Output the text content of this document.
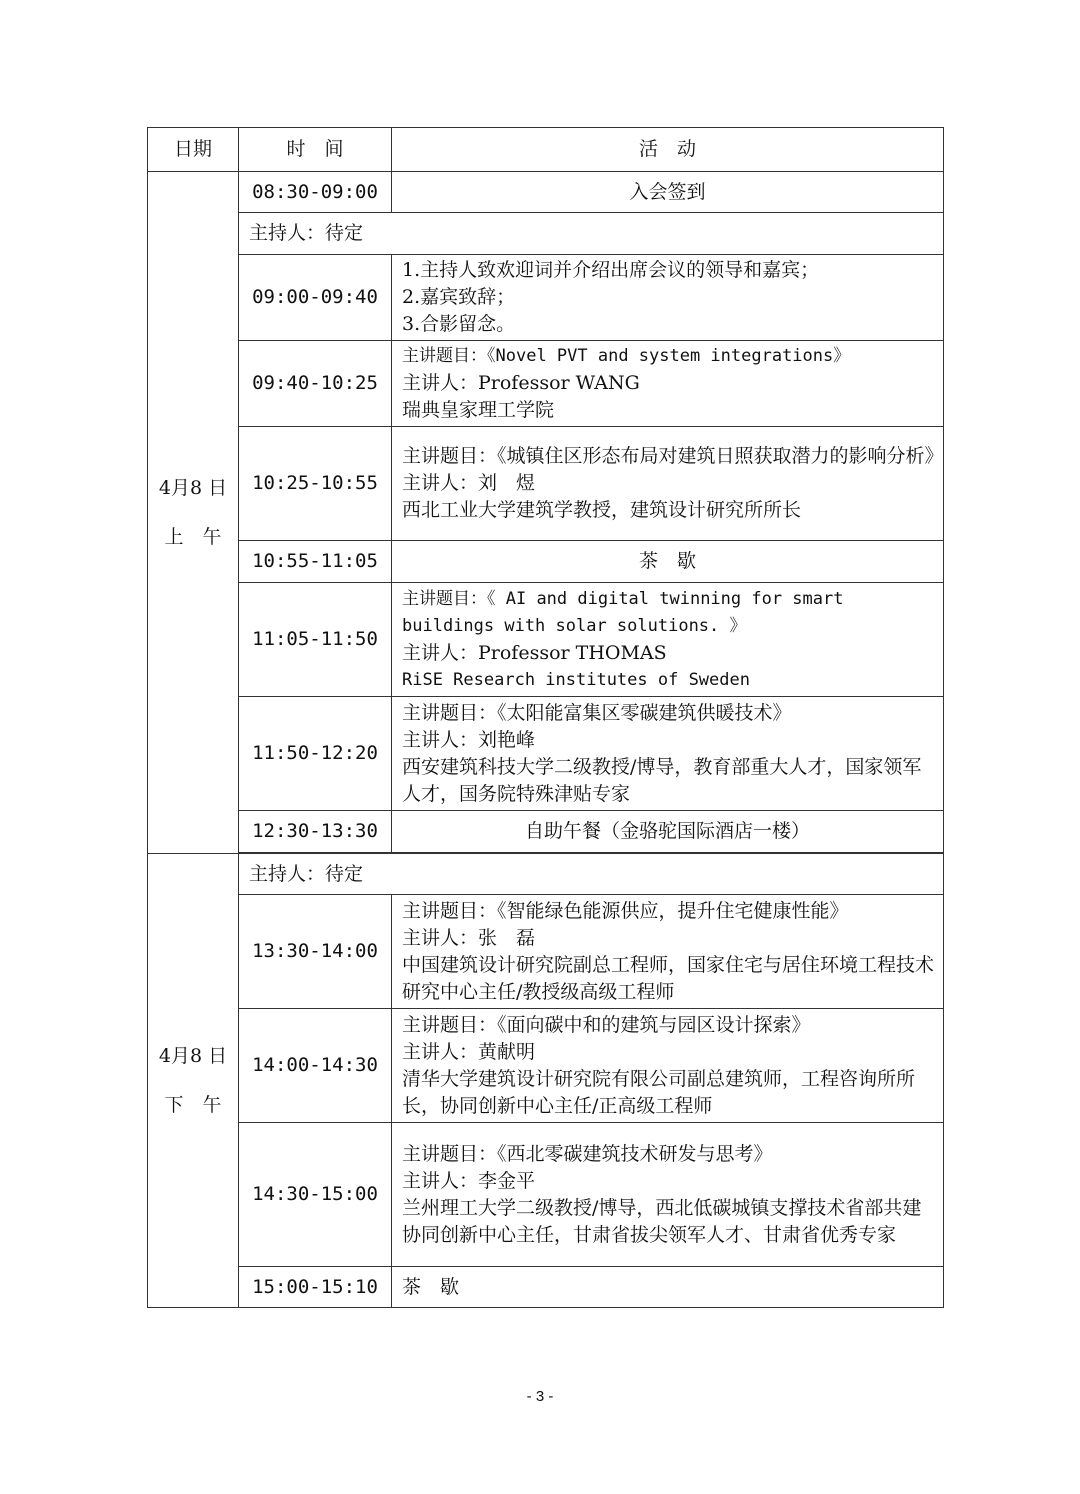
日期	时　间	活　动

4月8 日
上　午	08:30-09:00	入会签到
	主持人：待定	
	09:00-09:40	1.主持人致欢迎词并介绍出席会议的领导和嘉宾；
2.嘉宾致辞；
3.合影留念。

	09:40-10:25	主讲题目：《Novel PVT and system integrations》
主讲人：Professor WANG
瑞典皇家理工学院

	10:25-10:55	主讲题目：《城镇住区形态布局对建筑日照获取潜力的影响分析》
主讲人：刘　煜
西北工业大学建筑学教授，建筑设计研究所所长

	10:55-11:05	茶　歇
	11:05-11:50	主讲题目：《 AI and digital twinning for smart buildings with solar solutions. 》
主讲人：Professor THOMAS
RiSE Research institutes of Sweden

	11:50-12:20	主讲题目：《太阳能富集区零碳建筑供暖技术》
主讲人：刘艳峰
西安建筑科技大学二级教授/博导，教育部重大人才，国家领军人才，国务院特殊津贴专家

	12:30-13:30	自助午餐（金骆驼国际酒店一楼）

4月8 日
下　午	主持人：待定	
	13:30-14:00	主讲题目：《智能绿色能源供应，提升住宅健康性能》
主讲人：张　磊
中国建筑设计研究院副总工程师，国家住宅与居住环境工程技术研究中心主任/教授级高级工程师

	14:00-14:30	主讲题目：《面向碳中和的建筑与园区设计探索》
主讲人：黄献明
清华大学建筑设计研究院有限公司副总建筑师，工程咨询所所长，协同创新中心主任/正高级工程师

	14:30-15:00	主讲题目：《西北零碳建筑技术研发与思考》
主讲人：李金平
兰州理工大学二级教授/博导，西北低碳城镇支撑技术省部共建协同创新中心主任，甘肃省拔尖领军人才、甘肃省优秀专家

	15:00-15:10	茶　歇
- 3 -
